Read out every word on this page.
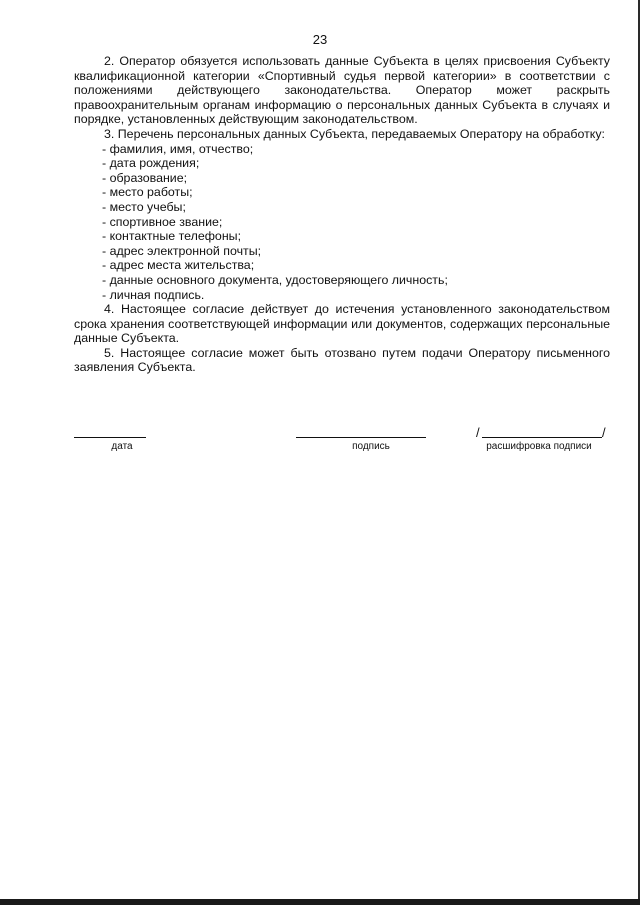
23

2. Оператор обязуется использовать данные Субъекта в целях присвоения Субъекту квалификационной категории «Спортивный судья первой категории» в соответствии с положениями действующего законодательства. Оператор может раскрыть правоохранительным органам информацию о персональных данных Субъекта в случаях и порядке, установленных действующим законодательством.

3. Перечень персональных данных Субъекта, передаваемых Оператору на обработку:

- фамилия, имя, отчество;
- дата рождения;
- образование;
- место работы;
- место учебы;
- спортивное звание;
- контактные телефоны;
- адрес электронной почты;
- адрес места жительства;
- данные основного документа, удостоверяющего личность;
- личная подпись.

4. Настоящее согласие действует до истечения установленного законодательством срока хранения соответствующей информации или документов, содержащих персональные данные Субъекта.

5. Настоящее согласие может быть отозвано путем подачи Оператору письменного заявления Субъекта.

дата	подпись
/	/
расшифровка подписи
